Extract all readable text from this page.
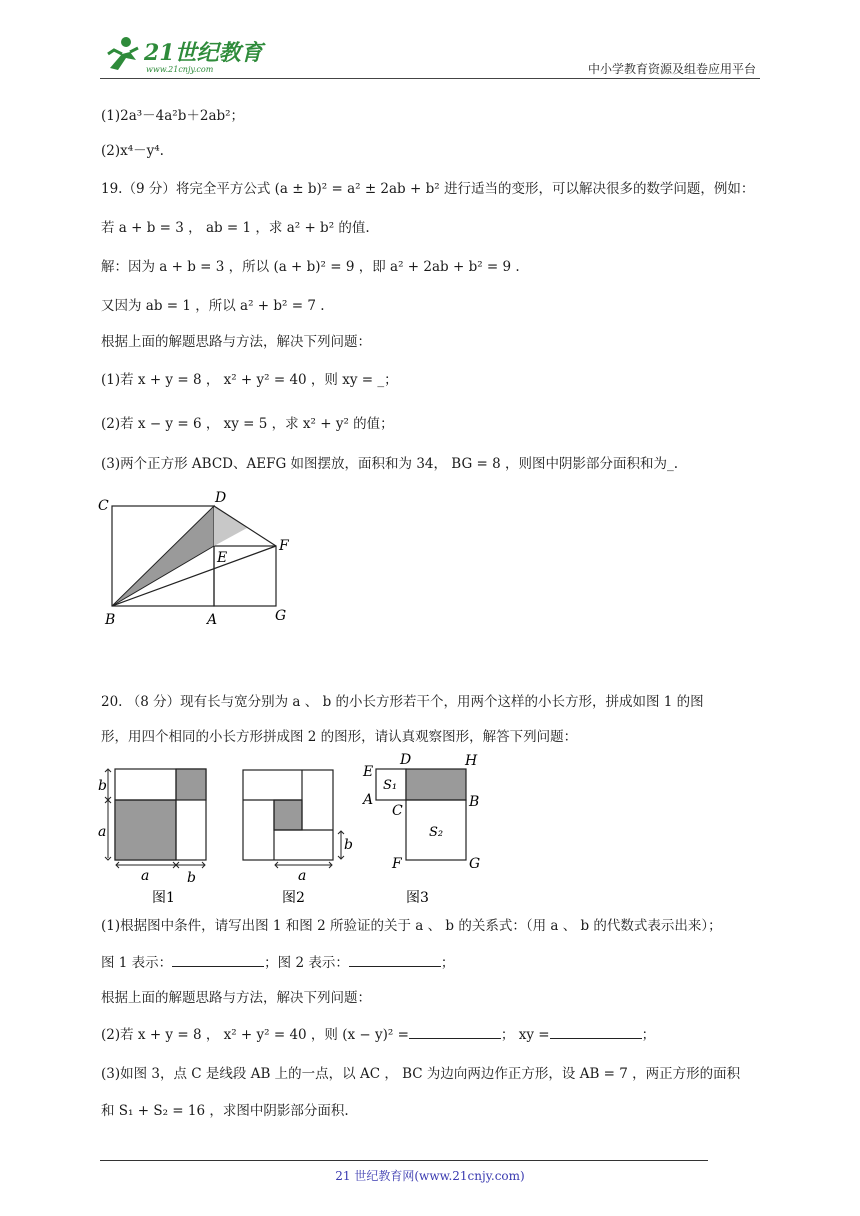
21世纪教育
www.21cnjy.com	中小学教育资源及组卷应用平台
(1)2a³－4a²b＋2ab²；
(2)x⁴－y⁴.
19.（9 分）将完全平方公式 (a ± b)² = a² ± 2ab + b² 进行适当的变形，可以解决很多的数学问题，例如：
若 a + b = 3 ， ab = 1 ，求 a² + b² 的值.
解：因为 a + b = 3 ，所以 (a + b)² = 9 ，即 a² + 2ab + b² = 9 .
又因为 ab = 1 ，所以 a² + b² = 7 .
根据上面的解题思路与方法，解决下列问题：
(1)若 x + y = 8 ， x² + y² = 40 ，则 xy = _；
(2)若 x − y = 6 ， xy = 5 ，求 x² + y² 的值；
(3)两个正方形 ABCD、AEFG 如图摆放，面积和为 34， BG = 8 ，则图中阴影部分面积和为_.
C	D
E
F
B	A	G
20. （8 分）现有长与宽分别为 a 、 b 的小长方形若干个，用两个这样的小长方形，拼成如图 1 的图
形，用四个相同的小长方形拼成图 2 的图形，请认真观察图形，解答下列问题：
b
a
a	b
图1
b
a
图2
E
D	H
A
C
B
F	G
S₁
S₂
图3
(1)根据图中条件，请写出图 1 和图 2 所验证的关于 a 、 b 的关系式：（用 a 、 b 的代数式表示出来）；
图 1 表示：	；图 2 表示：	；
根据上面的解题思路与方法，解决下列问题：
(2)若 x + y = 8 ， x² + y² = 40 ，则 (x − y)² =	； xy =	；
(3)如图 3，点 C 是线段 AB 上的一点，以 AC ， BC 为边向两边作正方形，设 AB = 7 ，两正方形的面积
和 S₁ + S₂ = 16 ，求图中阴影部分面积.
21 世纪教育网(www.21cnjy.com)
